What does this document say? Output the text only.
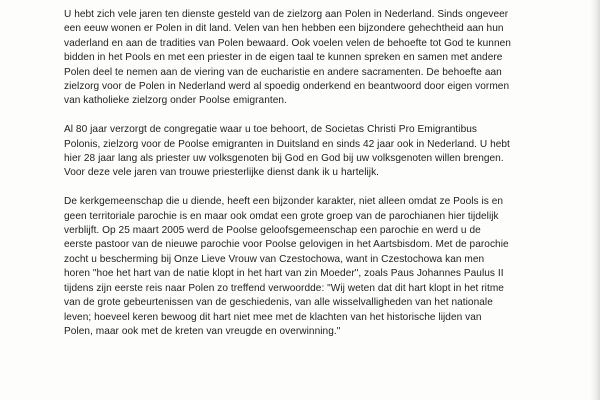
U hebt zich vele jaren ten dienste gesteld van de zielzorg aan Polen in Nederland. Sinds ongeveer
een eeuw wonen er Polen in dit land. Velen van hen hebben een bijzondere gehechtheid aan hun
vaderland en aan de tradities van Polen bewaard. Ook voelen velen de behoefte tot God te kunnen
bidden in het Pools en met een priester in de eigen taal te kunnen spreken en samen met andere
Polen deel te nemen aan de viering van de eucharistie en andere sacramenten. De behoefte aan
zielzorg voor de Polen in Nederland werd al spoedig onderkend en beantwoord door eigen vormen
van katholieke zielzorg onder Poolse emigranten.

Al 80 jaar verzorgt de congregatie waar u toe behoort, de Societas Christi Pro Emigrantibus
Polonis, zielzorg voor de Poolse emigranten in Duitsland en sinds 42 jaar ook in Nederland. U hebt
hier 28 jaar lang als priester uw volksgenoten bij God en God bij uw volksgenoten willen brengen.
Voor deze vele jaren van trouwe priesterlijke dienst dank ik u hartelijk.

De kerkgemeenschap die u diende, heeft een bijzonder karakter, niet alleen omdat ze Pools is en
geen territoriale parochie is en maar ook omdat een grote groep van de parochianen hier tijdelijk
verblijft. Op 25 maart 2005 werd de Poolse geloofsgemeenschap een parochie en werd u de
eerste pastoor van de nieuwe parochie voor Poolse gelovigen in het Aartsbisdom. Met de parochie
zocht u bescherming bij Onze Lieve Vrouw van Czestochowa, want in Czestochowa kan men
horen "hoe het hart van de natie klopt in het hart van zin Moeder", zoals Paus Johannes Paulus II
tijdens zijn eerste reis naar Polen zo treffend verwoordde: "Wij weten dat dit hart klopt in het ritme
van de grote gebeurtenissen van de geschiedenis, van alle wisselvalligheden van het nationale
leven; hoeveel keren bewoog dit hart niet mee met de klachten van het historische lijden van
Polen, maar ook met de kreten van vreugde en overwinning."
